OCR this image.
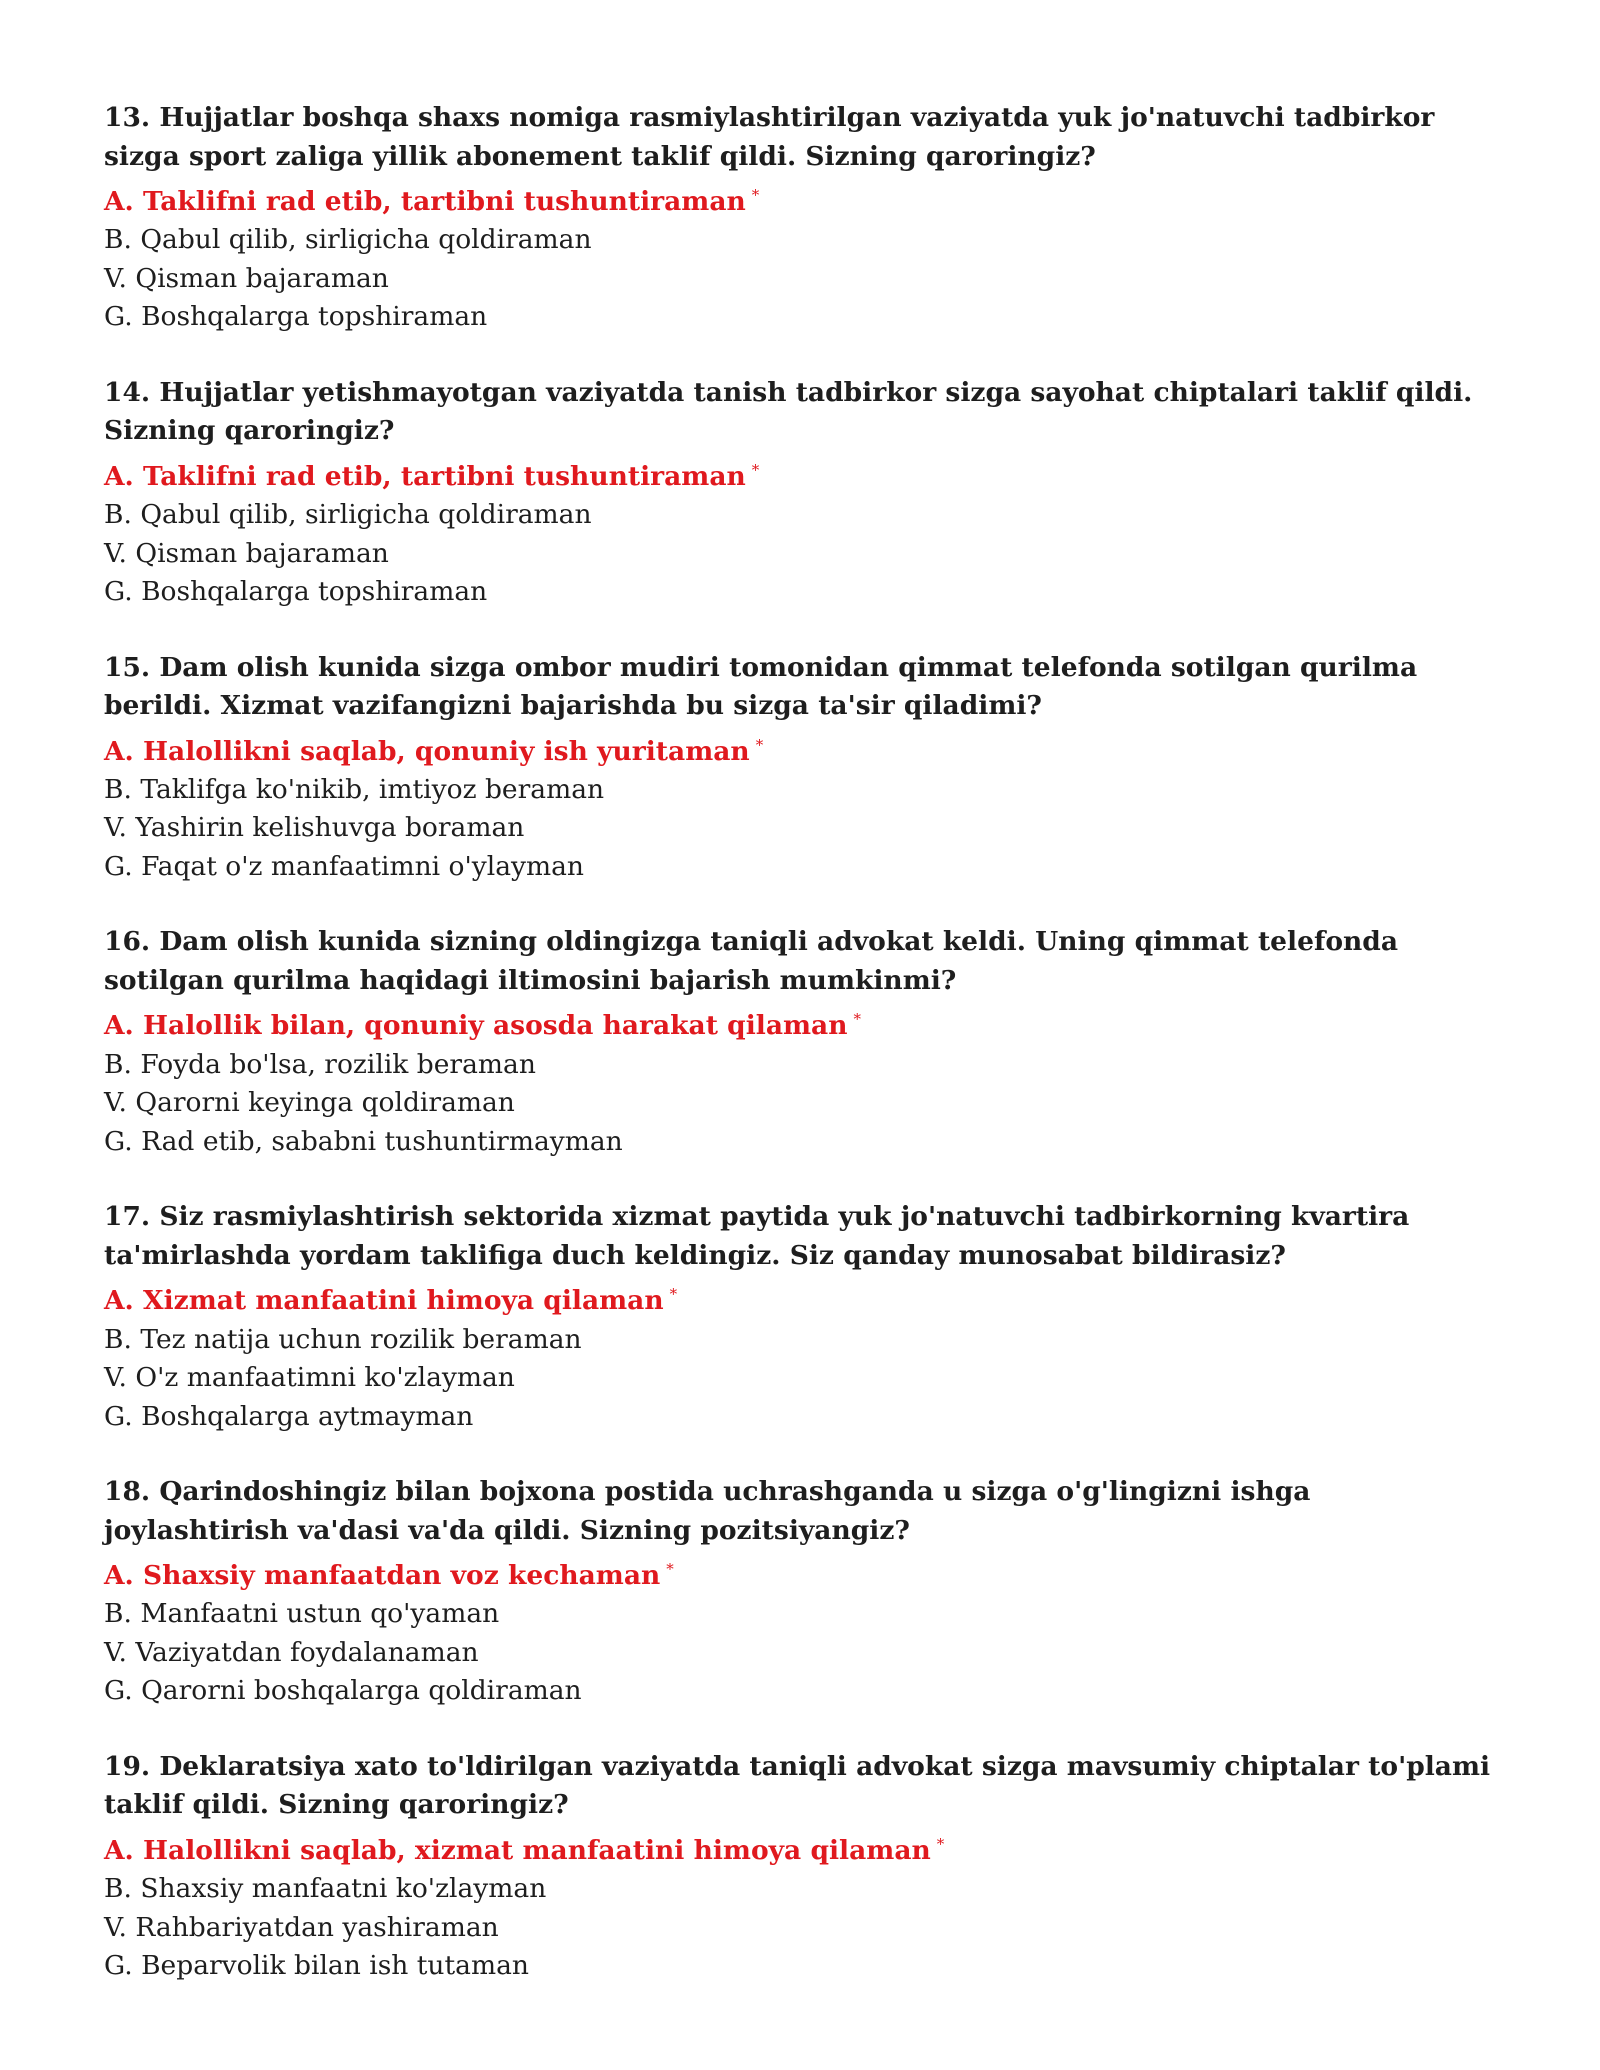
13. Hujjatlar boshqa shaxs nomiga rasmiylashtirilgan vaziyatda yuk jo'natuvchi tadbirkor sizga sport zaliga yillik abonement taklif qildi. Sizning qaroringiz?

A. Taklifni rad etib, tartibni tushuntiraman *
B. Qabul qilib, sirligicha qoldiraman
V. Qisman bajaraman
G. Boshqalarga topshiraman

14. Hujjatlar yetishmayotgan vaziyatda tanish tadbirkor sizga sayohat chiptalari taklif qildi. Sizning qaroringiz?

A. Taklifni rad etib, tartibni tushuntiraman *
B. Qabul qilib, sirligicha qoldiraman
V. Qisman bajaraman
G. Boshqalarga topshiraman

15. Dam olish kunida sizga ombor mudiri tomonidan qimmat telefonda sotilgan qurilma berildi. Xizmat vazifangizni bajarishda bu sizga ta'sir qiladimi?

A. Halollikni saqlab, qonuniy ish yuritaman *
B. Taklifga ko'nikib, imtiyoz beraman
V. Yashirin kelishuvga boraman
G. Faqat o'z manfaatimni o'ylayman

16. Dam olish kunida sizning oldingizga taniqli advokat keldi. Uning qimmat telefonda sotilgan qurilma haqidagi iltimosini bajarish mumkinmi?

A. Halollik bilan, qonuniy asosda harakat qilaman *
B. Foyda bo'lsa, rozilik beraman
V. Qarorni keyinga qoldiraman
G. Rad etib, sababni tushuntirmayman

17. Siz rasmiylashtirish sektorida xizmat paytida yuk jo'natuvchi tadbirkorning kvartira ta'mirlashda yordam taklifiga duch keldingiz. Siz qanday munosabat bildirasiz?

A. Xizmat manfaatini himoya qilaman *
B. Tez natija uchun rozilik beraman
V. O'z manfaatimni ko'zlayman
G. Boshqalarga aytmayman

18. Qarindoshingiz bilan bojxona postida uchrashganda u sizga o'g'lingizni ishga joylashtirish va'dasi va'da qildi. Sizning pozitsiyangiz?

A. Shaxsiy manfaatdan voz kechaman *
B. Manfaatni ustun qo'yaman
V. Vaziyatdan foydalanaman
G. Qarorni boshqalarga qoldiraman

19. Deklaratsiya xato to'ldirilgan vaziyatda taniqli advokat sizga mavsumiy chiptalar to'plami taklif qildi. Sizning qaroringiz?

A. Halollikni saqlab, xizmat manfaatini himoya qilaman *
B. Shaxsiy manfaatni ko'zlayman
V. Rahbariyatdan yashiraman
G. Beparvolik bilan ish tutaman
